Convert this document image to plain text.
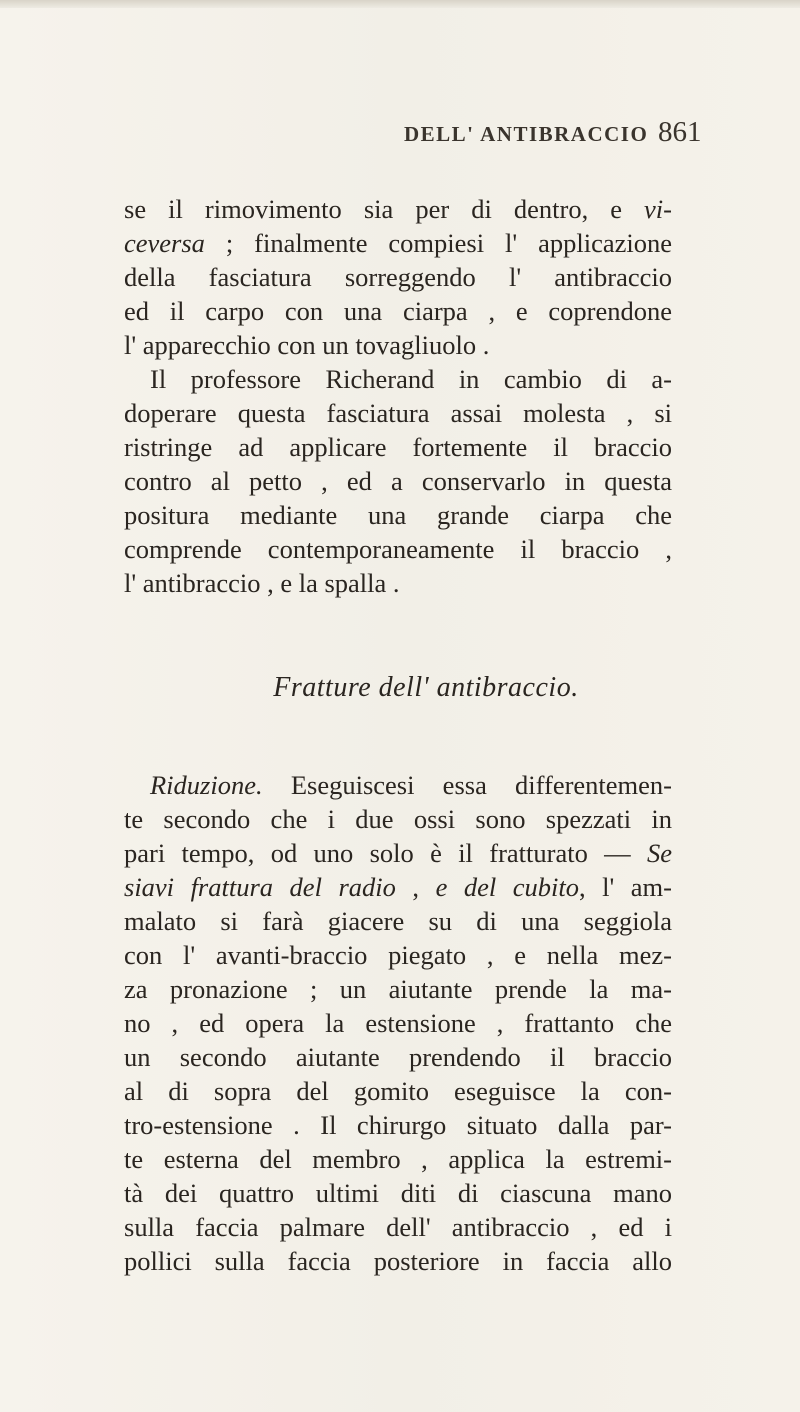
DELL' ANTIBRACCIO 861
se il rimovimento sia per di dentro, e vi-
ceversa ; finalmente compiesi l' applicazione
della fasciatura sorreggendo l' antibraccio
ed il carpo con una ciarpa , e coprendone
l' apparecchio con un tovagliuolo .
Il professore Richerand in cambio di a-
doperare questa fasciatura assai molesta , si
ristringe ad applicare fortemente il braccio
contro al petto , ed a conservarlo in questa
positura mediante una grande ciarpa che
comprende contemporaneamente il braccio ,
l' antibraccio , e la spalla .
Fratture dell' antibraccio.
Riduzione. Eseguiscesi essa differentemen-
te secondo che i due ossi sono spezzati in
pari tempo, od uno solo è il fratturato — Se
siavi frattura del radio , e del cubito, l' am-
malato si farà giacere su di una seggiola
con l' avanti-braccio piegato , e nella mez-
za pronazione ; un aiutante prende la ma-
no , ed opera la estensione , frattanto che
un secondo aiutante prendendo il braccio
al di sopra del gomito eseguisce la con-
tro-estensione . Il chirurgo situato dalla par-
te esterna del membro , applica la estremi-
tà dei quattro ultimi diti di ciascuna mano
sulla faccia palmare dell' antibraccio , ed i
pollici sulla faccia posteriore in faccia allo
